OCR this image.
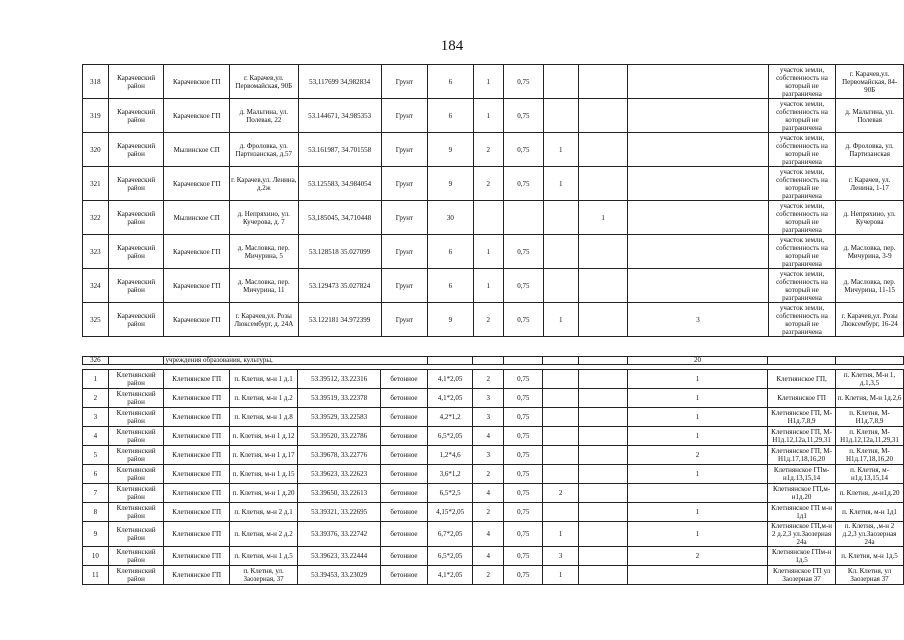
184
318	Карачевский район	Карачевское ГП	г. Карачев,ул. Первомайская, 90Б	53,117699 34,982834	Грунт	6	1	0,75				участок земли, собственность на который не разграничена	г. Карачев,ул. Первомайская, 84-90Б
319	Карачевский район	Карачевское ГП	д. Мальтина, ул. Полевая, 22	53.144671, 34.985353	Грунт	6	1	0,75				участок земли, собственность на который не разграничена	д. Мальтина, ул. Полевая
320	Карачевский район	Мылинское СП	д. Фроловка, ул. Партизанская, д.57	53.161987, 34.701558	Грунт	9	2	0,75	1			участок земли, собственность на который не разграничена	д. Фроловка, ул. Партизанская
321	Карачевский район	Карачевское ГП	г. Карачев,ул. Ленина, д.2ж	53.125583, 34.984054	Грунт	9	2	0,75	1			участок земли, собственность на который не разграничена	г. Карачев, ул. Ленина, 1-17
322	Карачевский район	Мылинское СП	д. Непряхино, ул. Кучерова, д. 7	53,185045, 34,710448	Грунт	30				1		участок земли, собственность на который не разграничена	д. Непряхино, ул. Кучерова
323	Карачевский район	Карачевское ГП	д. Масловка, пер. Мичурина, 5	53.128518 35.027099	Грунт	6	1	0,75				участок земли, собственность на который не разграничена	д. Масловка, пер. Мичурина, 3-9
324	Карачевский район	Карачевское ГП	д. Масловка, пер. Мичурина, 11	53.129473 35.027824	Грунт	6	1	0,75				участок земли, собственность на который не разграничена	д. Масловка, пер. Мичурина, 11-15
325	Карачевский район	Карачевское ГП	г. Карачев,ул. Розы Люксембург, д. 24А	53.122181 34.972399	Грунт	9	2	0,75	1		3	участок земли, собственность на который не разграничена	г. Карачев,ул. Розы Люксембург, 16-24
326		учреждения образования, культуры,									20		

1	Клетнянский район	Клетнянское ГП	п. Клетня, м-н 1 д.1	53.39512, 33.22316	бетонное	4,1*2,05	2	0,75			1	Клетнянское ГП,	п. Клетня, М-н 1, д.1,3,5
2	Клетнянский район	Клетнянское ГП	п. Клетня, м-н 1 д.2	53.39519, 33.22378	бетонное	4,1*2,05	3	0,75			1	Клетнянское ГП	п. Клетня, М-н 1д.2,6
3	Клетнянский район	Клетнянское ГП	п. Клетня, м-н 1 д.8	53.39529, 33.22583	бетонное	4,2*1,2	3	0,75			1	Клетнянское ГП, М-Н1д.7,8,9	п. Клетня, М-Н1д.7,8,9
4	Клетнянский район	Клетнянское ГП	п. Клетня, м-н 1 д.12	53.39520, 33.22786	бетонное	6,5*2,05	4	0,75			1	Клетнянское ГП, М-Н1д.12,12а,11,29,31	п. Клетня, М-Н1д.12,12а,11,29,31
5	Клетнянский район	Клетнянское ГП	п. Клетня, м-н 1 д.17	53.39678, 33.22776	бетонное	1,2*4,6	3	0,75			2	Клетнянское ГП, М-Н1д.17,18,16,20	п. Клетня, М-Н1д.17,18,16,20
6	Клетнянский район	Клетнянское ГП	п. Клетня, м-н 1 д.15	53.39623, 33.22623	бетонное	3,6*1,2	2	0,75			1	Клетнянское ГПм-н1д.13,15,14	п. Клетня, м-н1д.13,15,14
7	Клетнянский район	Клетнянское ГП	п. Клетня, м-н 1 д.20	53.39650, 33.22613	бетонное	6,5*2,5	4	0,75	2			Клетнянское ГП,м-н1д.20	п. Клетня, ,м-н1д.20
8	Клетнянский район	Клетнянское ГП	п. Клетня, м-н 2 д.1	53.39321, 33.22695	бетонное	4,15*2,05	2	0,75			1	Клетнянское ГП м-н 1д1	п. Клетня, м-н 1д1
9	Клетнянский район	Клетнянское ГП	п. Клетня, м-н 2 д.2	53.39376, 33.22742	бетонное	6,7*2,05	4	0,75	1		1	Клетнянское ГП,м-н 2 д.2,3 ул.Заозерная 24а	п. Клетня, ,м-н 2 д.2,3 ул.Заозерная 24а
10	Клетнянский район	Клетнянское ГП	п. Клетня, м-н 1 д.5	53.39623, 33.22444	бетонное	6,5*2,05	4	0,75	3		2	Клетнянское ГПм-н 1д.5	п. Клетня, м-н 1д.5
11	Клетнянский район	Клетнянское ГП	п. Клетня, ул. Заозерная, 37	53.39453, 33.23029	бетонное	4,1*2,05	2	0,75	1			Клетнянское ГП ул Заозерная 37	Кл. Клетня, ул Заозерная 37
